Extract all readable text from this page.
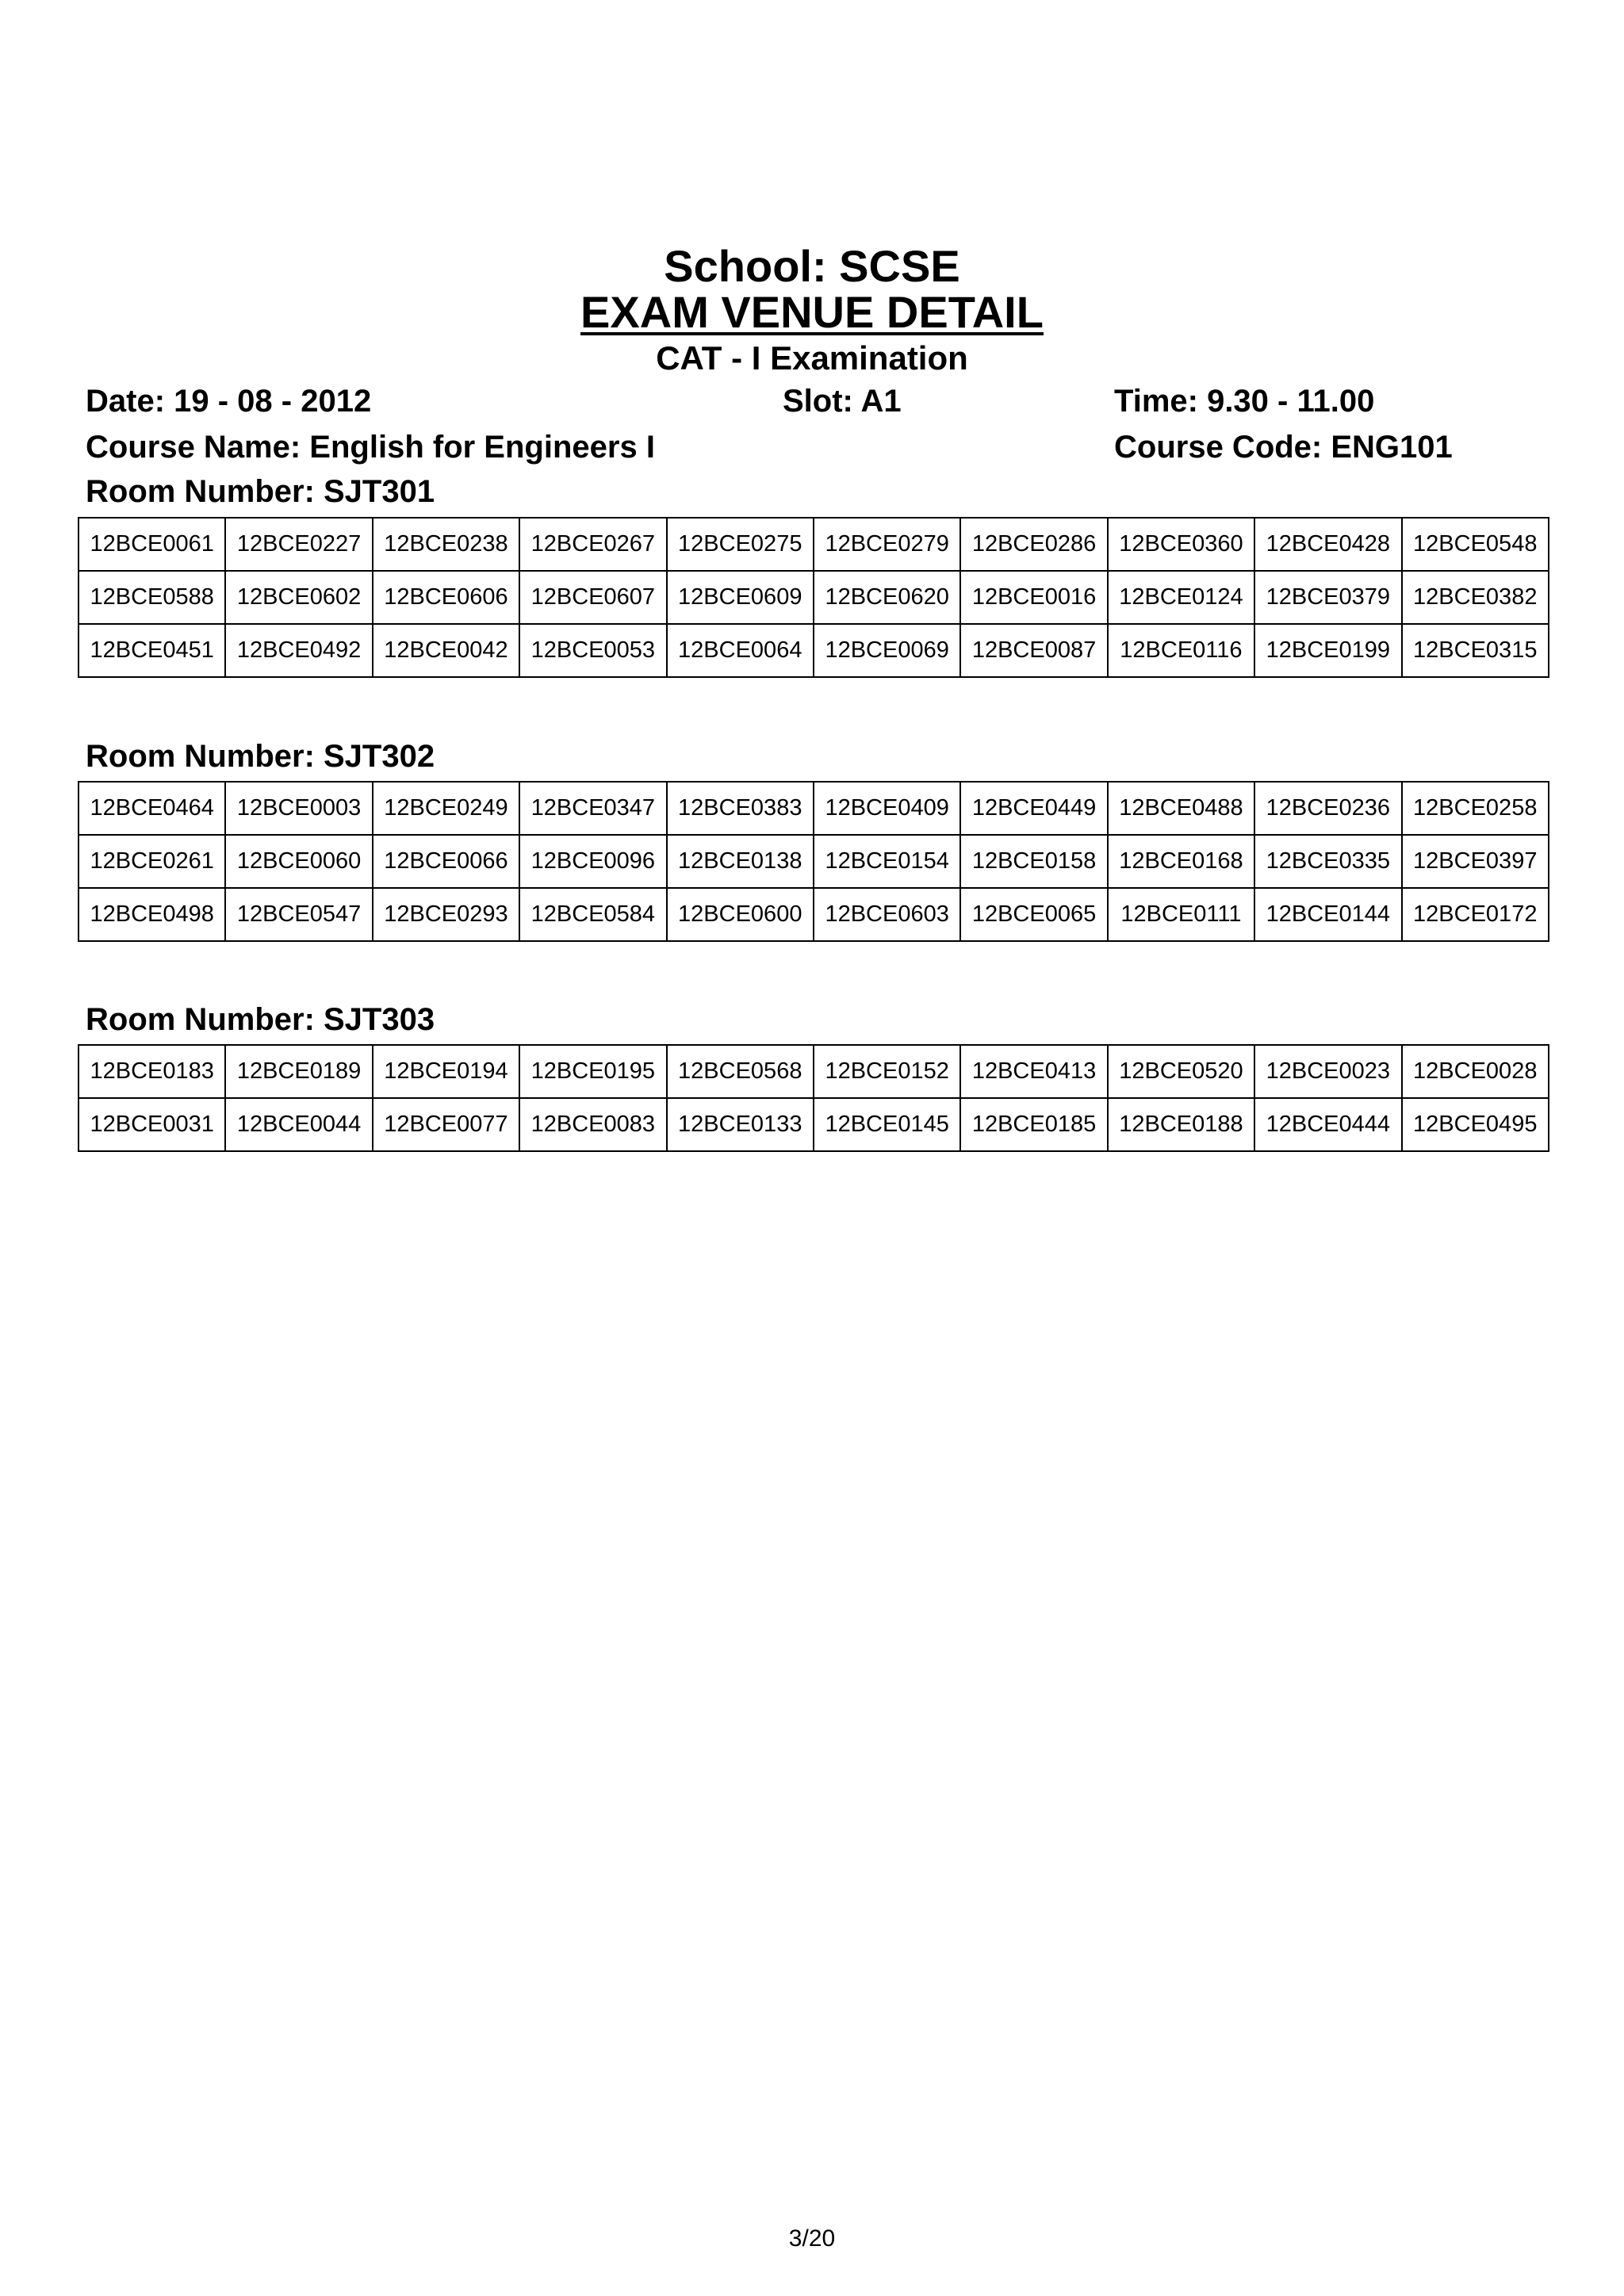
School: SCSE
EXAM VENUE DETAIL
CAT - I Examination
Date: 19 - 08 - 2012	Slot: A1	Time: 9.30 - 11.00
Course Name: English for Engineers I	Course Code: ENG101
Room Number: SJT301
12BCE0061	12BCE0227	12BCE0238	12BCE0267	12BCE0275	12BCE0279	12BCE0286	12BCE0360	12BCE0428	12BCE0548
12BCE0588	12BCE0602	12BCE0606	12BCE0607	12BCE0609	12BCE0620	12BCE0016	12BCE0124	12BCE0379	12BCE0382
12BCE0451	12BCE0492	12BCE0042	12BCE0053	12BCE0064	12BCE0069	12BCE0087	12BCE0116	12BCE0199	12BCE0315
Room Number: SJT302
12BCE0464	12BCE0003	12BCE0249	12BCE0347	12BCE0383	12BCE0409	12BCE0449	12BCE0488	12BCE0236	12BCE0258
12BCE0261	12BCE0060	12BCE0066	12BCE0096	12BCE0138	12BCE0154	12BCE0158	12BCE0168	12BCE0335	12BCE0397
12BCE0498	12BCE0547	12BCE0293	12BCE0584	12BCE0600	12BCE0603	12BCE0065	12BCE0111	12BCE0144	12BCE0172
Room Number: SJT303
12BCE0183	12BCE0189	12BCE0194	12BCE0195	12BCE0568	12BCE0152	12BCE0413	12BCE0520	12BCE0023	12BCE0028
12BCE0031	12BCE0044	12BCE0077	12BCE0083	12BCE0133	12BCE0145	12BCE0185	12BCE0188	12BCE0444	12BCE0495
3/20
